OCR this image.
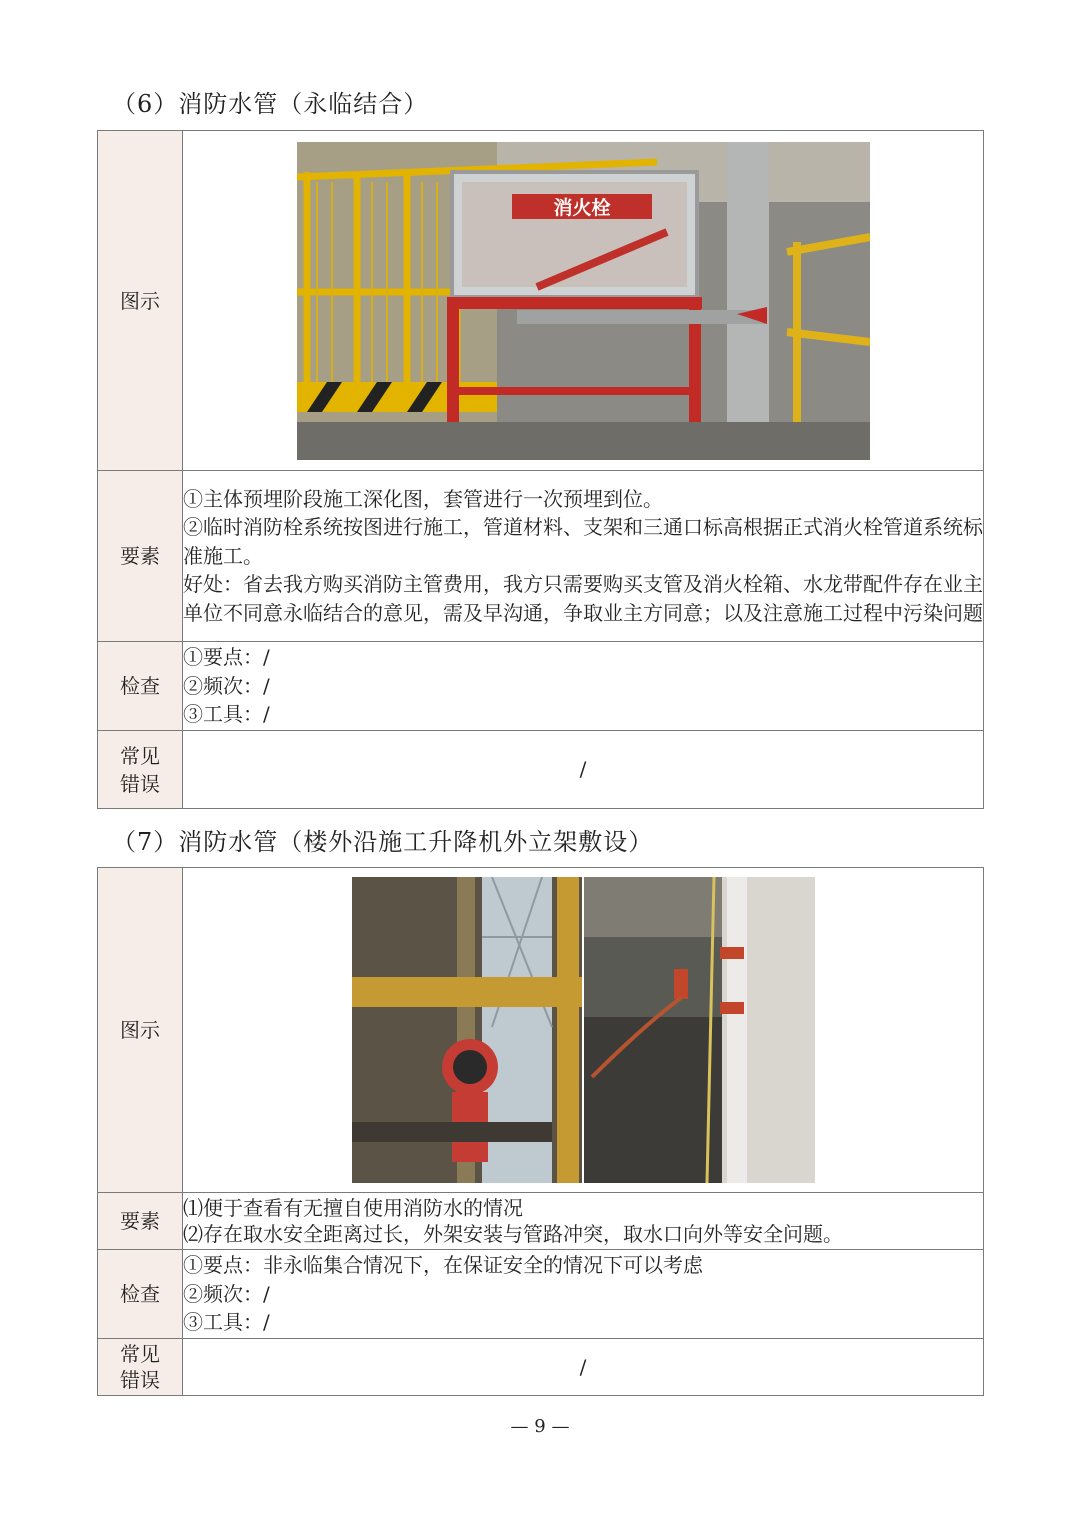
（6）消防水管（永临结合）
图示	消火栓

要素	①主体预埋阶段施工深化图，套管进行一次预埋到位。
②临时消防栓系统按图进行施工，管道材料、支架和三通口标高根据正式消火栓管道系统标准施工。
好处：省去我方购买消防主管费用，我方只需要购买支管及消火栓箱、水龙带配件存在业主单位不同意永临结合的意见，需及早沟通，争取业主方同意；以及注意施工过程中污染问题

检查	①要点：/
②频次：/
③工具：/

常见
错误	/
（7）消防水管（楼外沿施工升降机外立架敷设）
图示	

要素	⑴便于查看有无擅自使用消防水的情况
⑵存在取水安全距离过长，外架安装与管路冲突，取水口向外等安全问题。

检查	①要点：非永临集合情况下，在保证安全的情况下可以考虑
②频次：/
③工具：/

常见
错误	/
— 9 —
